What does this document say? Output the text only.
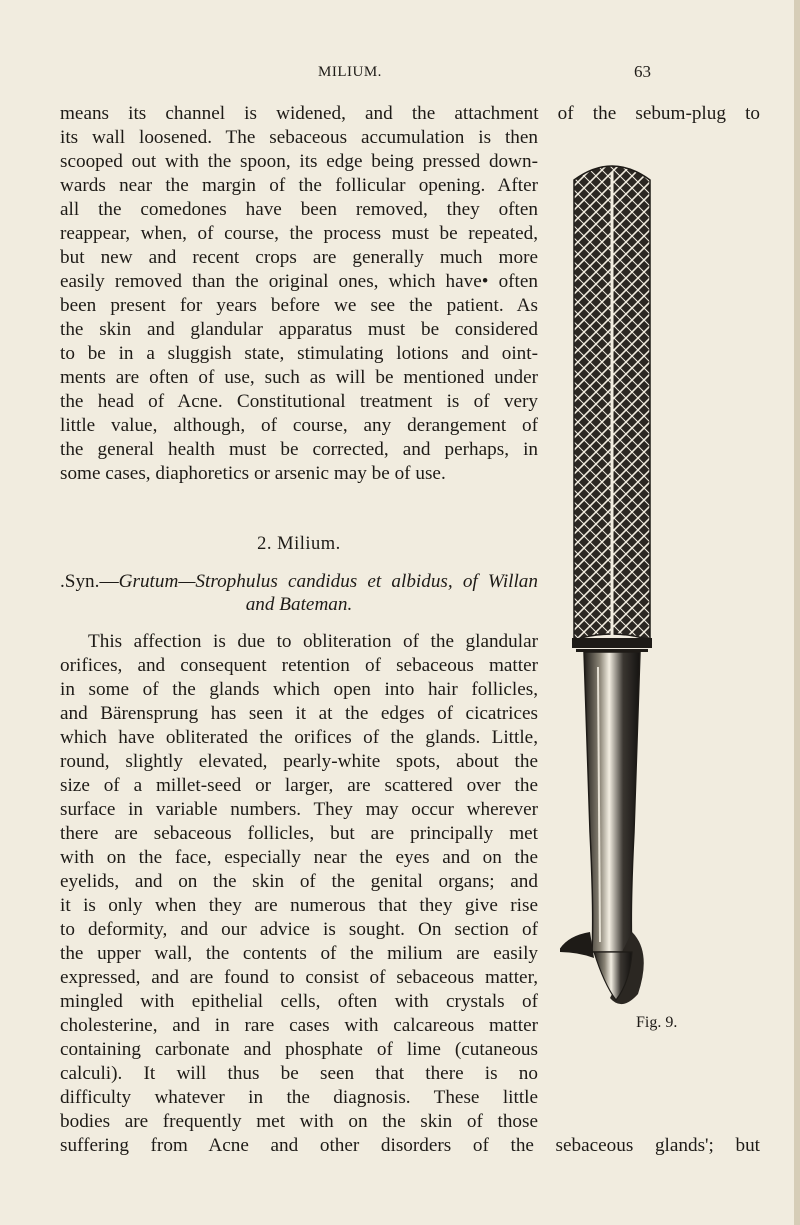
MILIUM.	63
means its channel is widened, and the attachment of the sebum-plug to
its wall loosened. The sebaceous accumulation is then
scooped out with the spoon, its edge being pressed down-
wards near the margin of the follicular opening. After
all the comedones have been removed, they often
reappear, when, of course, the process must be repeated,
but new and recent crops are generally much more
easily removed than the original ones, which have• often
been present for years before we see the patient. As
the skin and glandular apparatus must be considered
to be in a sluggish state, stimulating lotions and oint-
ments are often of use, such as will be mentioned under
the head of Acne. Constitutional treatment is of very
little value, although, of course, any derangement of
the general health must be corrected, and perhaps, in
some cases, diaphoretics or arsenic may be of use.
2. Milium.
.Syn.—Grutum—Strophulus candidus et albidus, of Willan
and Bateman.
This affection is due to obliteration of the glandular
orifices, and consequent retention of sebaceous matter
in some of the glands which open into hair follicles,
and Bärensprung has seen it at the edges of cicatrices
which have obliterated the orifices of the glands. Little,
round, slightly elevated, pearly-white spots, about the
size of a millet-seed or larger, are scattered over the
surface in variable numbers. They may occur wherever
there are sebaceous follicles, but are principally met
with on the face, especially near the eyes and on the
eyelids, and on the skin of the genital organs; and
it is only when they are numerous that they give rise
to deformity, and our advice is sought. On section of
the upper wall, the contents of the milium are easily
expressed, and are found to consist of sebaceous matter,
mingled with epithelial cells, often with crystals of
cholesterine, and in rare cases with calcareous matter
containing carbonate and phosphate of lime (cutaneous
calculi). It will thus be seen that there is no
difficulty whatever in the diagnosis. These little
bodies are frequently met with on the skin of those
suffering from Acne and other disorders of the sebaceous glands'; but
Fig. 9.
